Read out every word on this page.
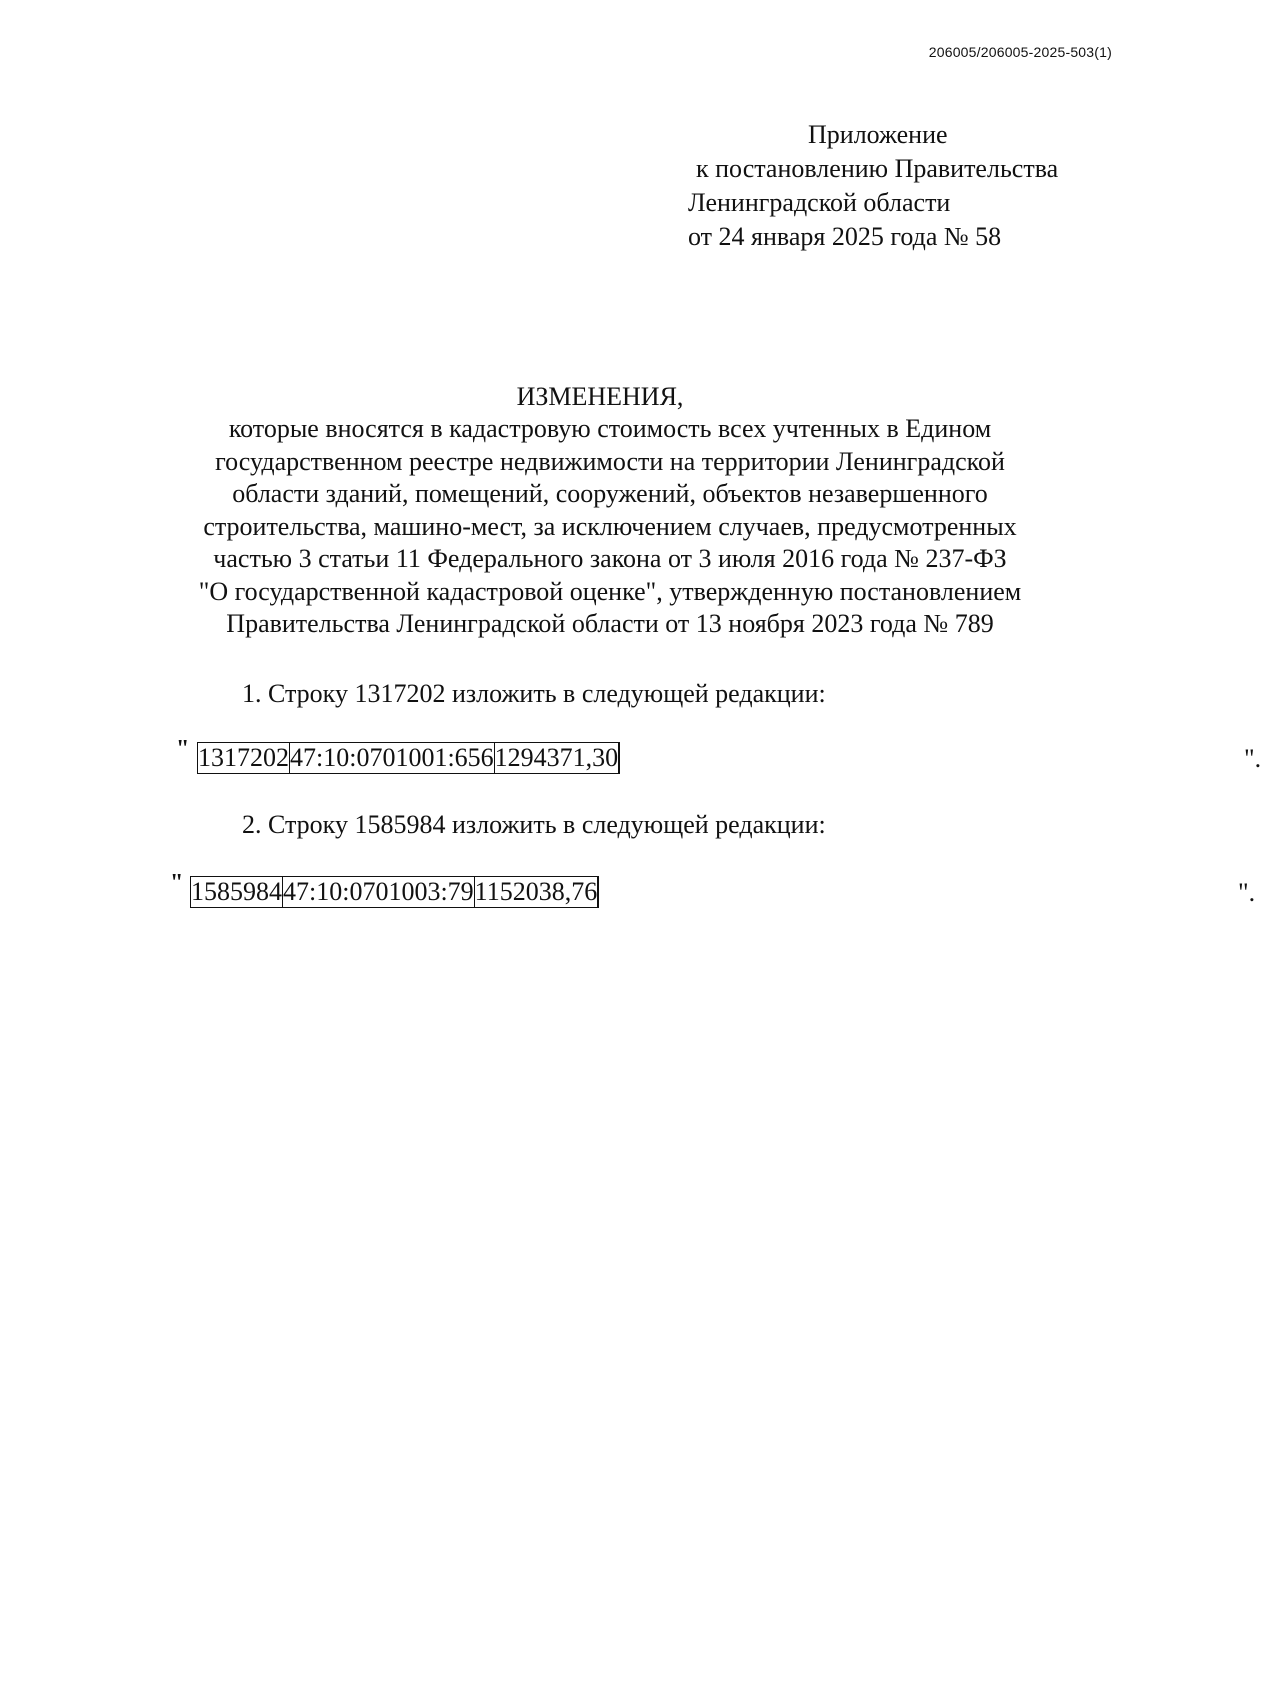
206005/206005-2025-503(1)
Приложение
к постановлению Правительства
Ленинградской области
от 24 января 2025 года № 58
ИЗМЕНЕНИЯ,
которые вносятся в кадастровую стоимость всех учтенных в Едином
государственном реестре недвижимости на территории Ленинградской
области зданий, помещений, сооружений, объектов незавершенного
строительства, машино-мест, за исключением случаев, предусмотренных
частью 3 статьи 11 Федерального закона от 3 июля 2016 года № 237-ФЗ
"О государственной кадастровой оценке", утвержденную постановлением
Правительства Ленинградской области от 13 ноября 2023 года № 789
1. Строку 1317202 изложить в следующей редакции:
" 1317202	47:10:0701001:656	1294371,30	".
2. Строку 1585984 изложить в следующей редакции:
" 1585984	47:10:0701003:79	1152038,76	".
